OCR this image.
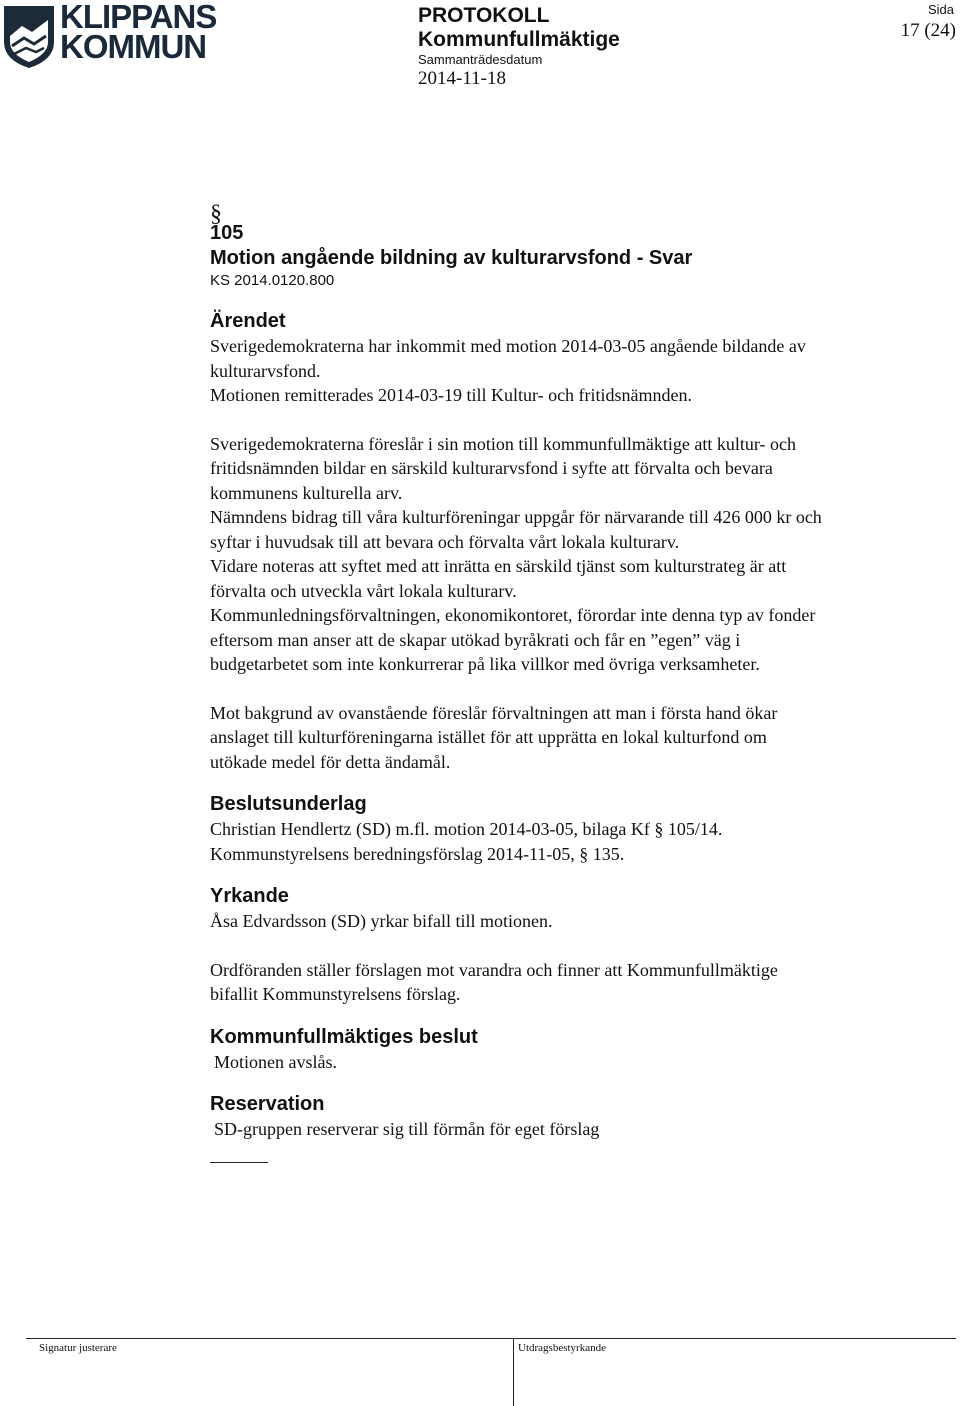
KLIPPANS
KOMMUN
PROTOKOLL
Kommunfullmäktige
Sammanträdesdatum
2014-11-18
Sida
17 (24)
§
105
Motion angående bildning av kulturarvsfond - Svar
KS 2014.0120.800
Ärendet

Sverigedemokraterna har inkommit med motion 2014-03-05 angående bildande av

kulturarvsfond.

Motionen remitterades 2014-03-19 till Kultur- och fritidsnämnden.

Sverigedemokraterna föreslår i sin motion till kommunfullmäktige att kultur- och

fritidsnämnden bildar en särskild kulturarvsfond i syfte att förvalta och bevara

kommunens kulturella arv.

Nämndens bidrag till våra kulturföreningar uppgår för närvarande till 426 000 kr och

syftar i huvudsak till att bevara och förvalta vårt lokala kulturarv.

Vidare noteras att syftet med att inrätta en särskild tjänst som kulturstrateg är att

förvalta och utveckla vårt lokala kulturarv.

Kommunledningsförvaltningen, ekonomikontoret, förordar inte denna typ av fonder

eftersom man anser att de skapar utökad byråkrati och får en ”egen” väg i

budgetarbetet som inte konkurrerar på lika villkor med övriga verksamheter.

Mot bakgrund av ovanstående föreslår förvaltningen att man i första hand ökar

anslaget till kulturföreningarna istället för att upprätta en lokal kulturfond om

utökade medel för detta ändamål.

Beslutsunderlag

Christian Hendlertz (SD) m.fl. motion 2014-03-05, bilaga Kf § 105/14.

Kommunstyrelsens beredningsförslag 2014-11-05, § 135.

Yrkande

Åsa Edvardsson (SD) yrkar bifall till motionen.

Ordföranden ställer förslagen mot varandra och finner att Kommunfullmäktige

bifallit Kommunstyrelsens förslag.

Kommunfullmäktiges beslut

Motionen avslås.

Reservation

SD-gruppen reserverar sig till förmån för eget förslag

Signatur justerare	Utdragsbestyrkande
